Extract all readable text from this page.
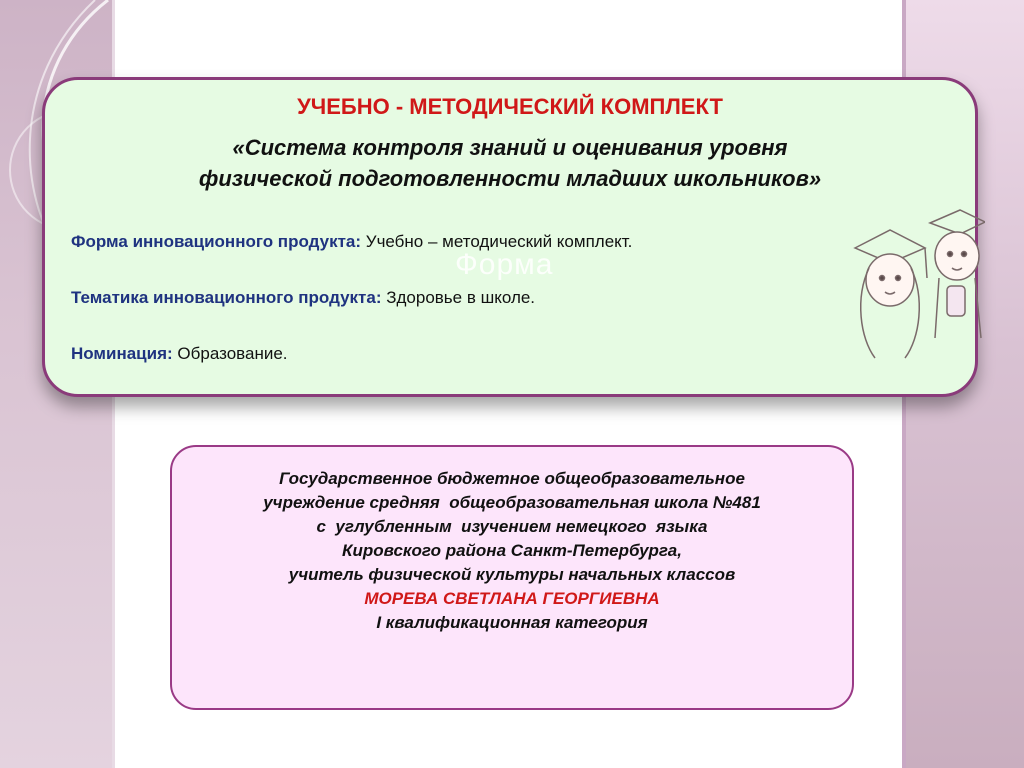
УЧЕБНО - МЕТОДИЧЕСКИЙ КОМПЛЕКТ
«Система контроля знаний и оценивания уровня
физической подготовленности младших школьников»
Форма инновационного продукта: Учебно – методический комплект.
Форма
Тематика инновационного продукта: Здоровье в школе.
Номинация: Образование.
Государственное бюджетное общеобразовательное
учреждение средняя  общеобразовательная школа №481
с  углубленным  изучением немецкого  языка
Кировского района Санкт-Петербурга,
учитель физической культуры начальных классов
МОРЕВА СВЕТЛАНА ГЕОРГИЕВНА
I квалификационная категория
